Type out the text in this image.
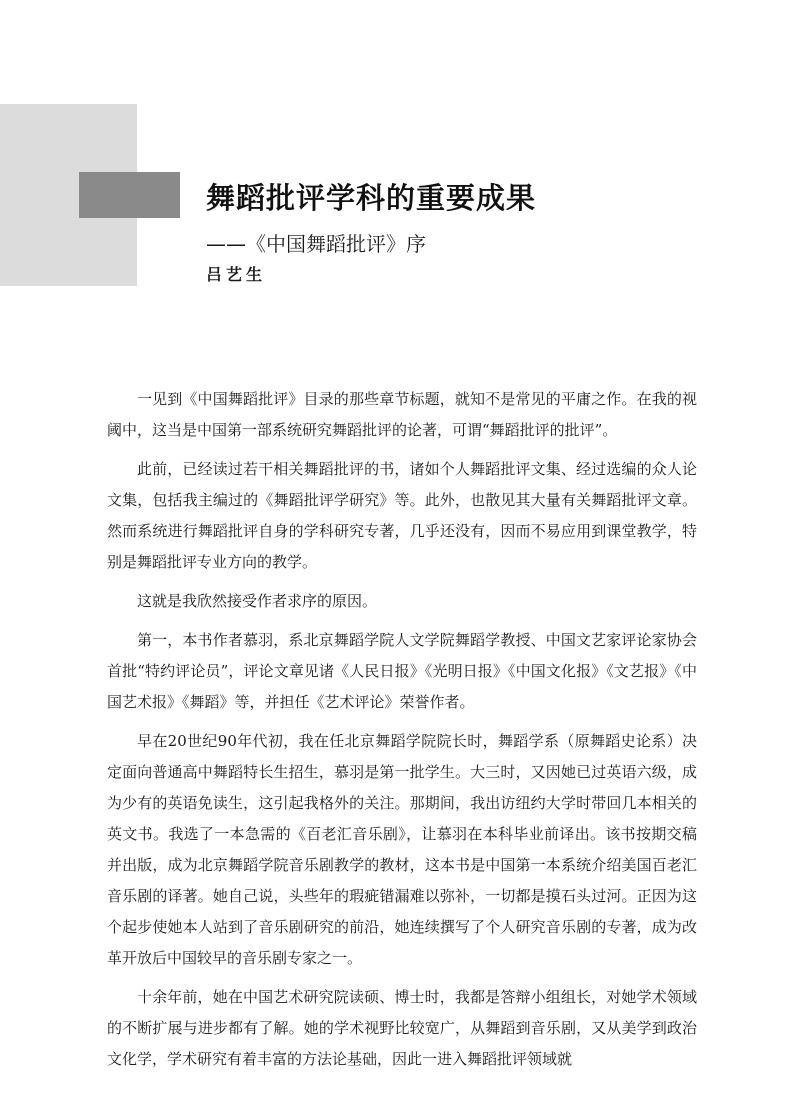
舞蹈批评学科的重要成果
——《中国舞蹈批评》序
吕艺生

一见到《中国舞蹈批评》目录的那些章节标题，就知不是常见的平庸之作。在我的视阈中，这当是中国第一部系统研究舞蹈批评的论著，可谓“舞蹈批评的批评”。

此前，已经读过若干相关舞蹈批评的书，诸如个人舞蹈批评文集、经过选编的众人论文集，包括我主编过的《舞蹈批评学研究》等。此外，也散见其大量有关舞蹈批评文章。然而系统进行舞蹈批评自身的学科研究专著，几乎还没有，因而不易应用到课堂教学，特别是舞蹈批评专业方向的教学。

这就是我欣然接受作者求序的原因。

第一，本书作者慕羽，系北京舞蹈学院人文学院舞蹈学教授、中国文艺家评论家协会首批“特约评论员”，评论文章见诸《人民日报》《光明日报》《中国文化报》《文艺报》《中国艺术报》《舞蹈》等，并担任《艺术评论》荣誉作者。

早在20世纪90年代初，我在任北京舞蹈学院院长时，舞蹈学系（原舞蹈史论系）决定面向普通高中舞蹈特长生招生，慕羽是第一批学生。大三时，又因她已过英语六级，成为少有的英语免读生，这引起我格外的关注。那期间，我出访纽约大学时带回几本相关的英文书。我选了一本急需的《百老汇音乐剧》，让慕羽在本科毕业前译出。该书按期交稿并出版，成为北京舞蹈学院音乐剧教学的教材，这本书是中国第一本系统介绍美国百老汇音乐剧的译著。她自己说，头些年的瑕疵错漏难以弥补，一切都是摸石头过河。正因为这个起步使她本人站到了音乐剧研究的前沿，她连续撰写了个人研究音乐剧的专著，成为改革开放后中国较早的音乐剧专家之一。

十余年前，她在中国艺术研究院读硕、博士时，我都是答辩小组组长，对她学术领域的不断扩展与进步都有了解。她的学术视野比较宽广，从舞蹈到音乐剧，又从美学到政治文化学，学术研究有着丰富的方法论基础，因此一进入舞蹈批评领域就
